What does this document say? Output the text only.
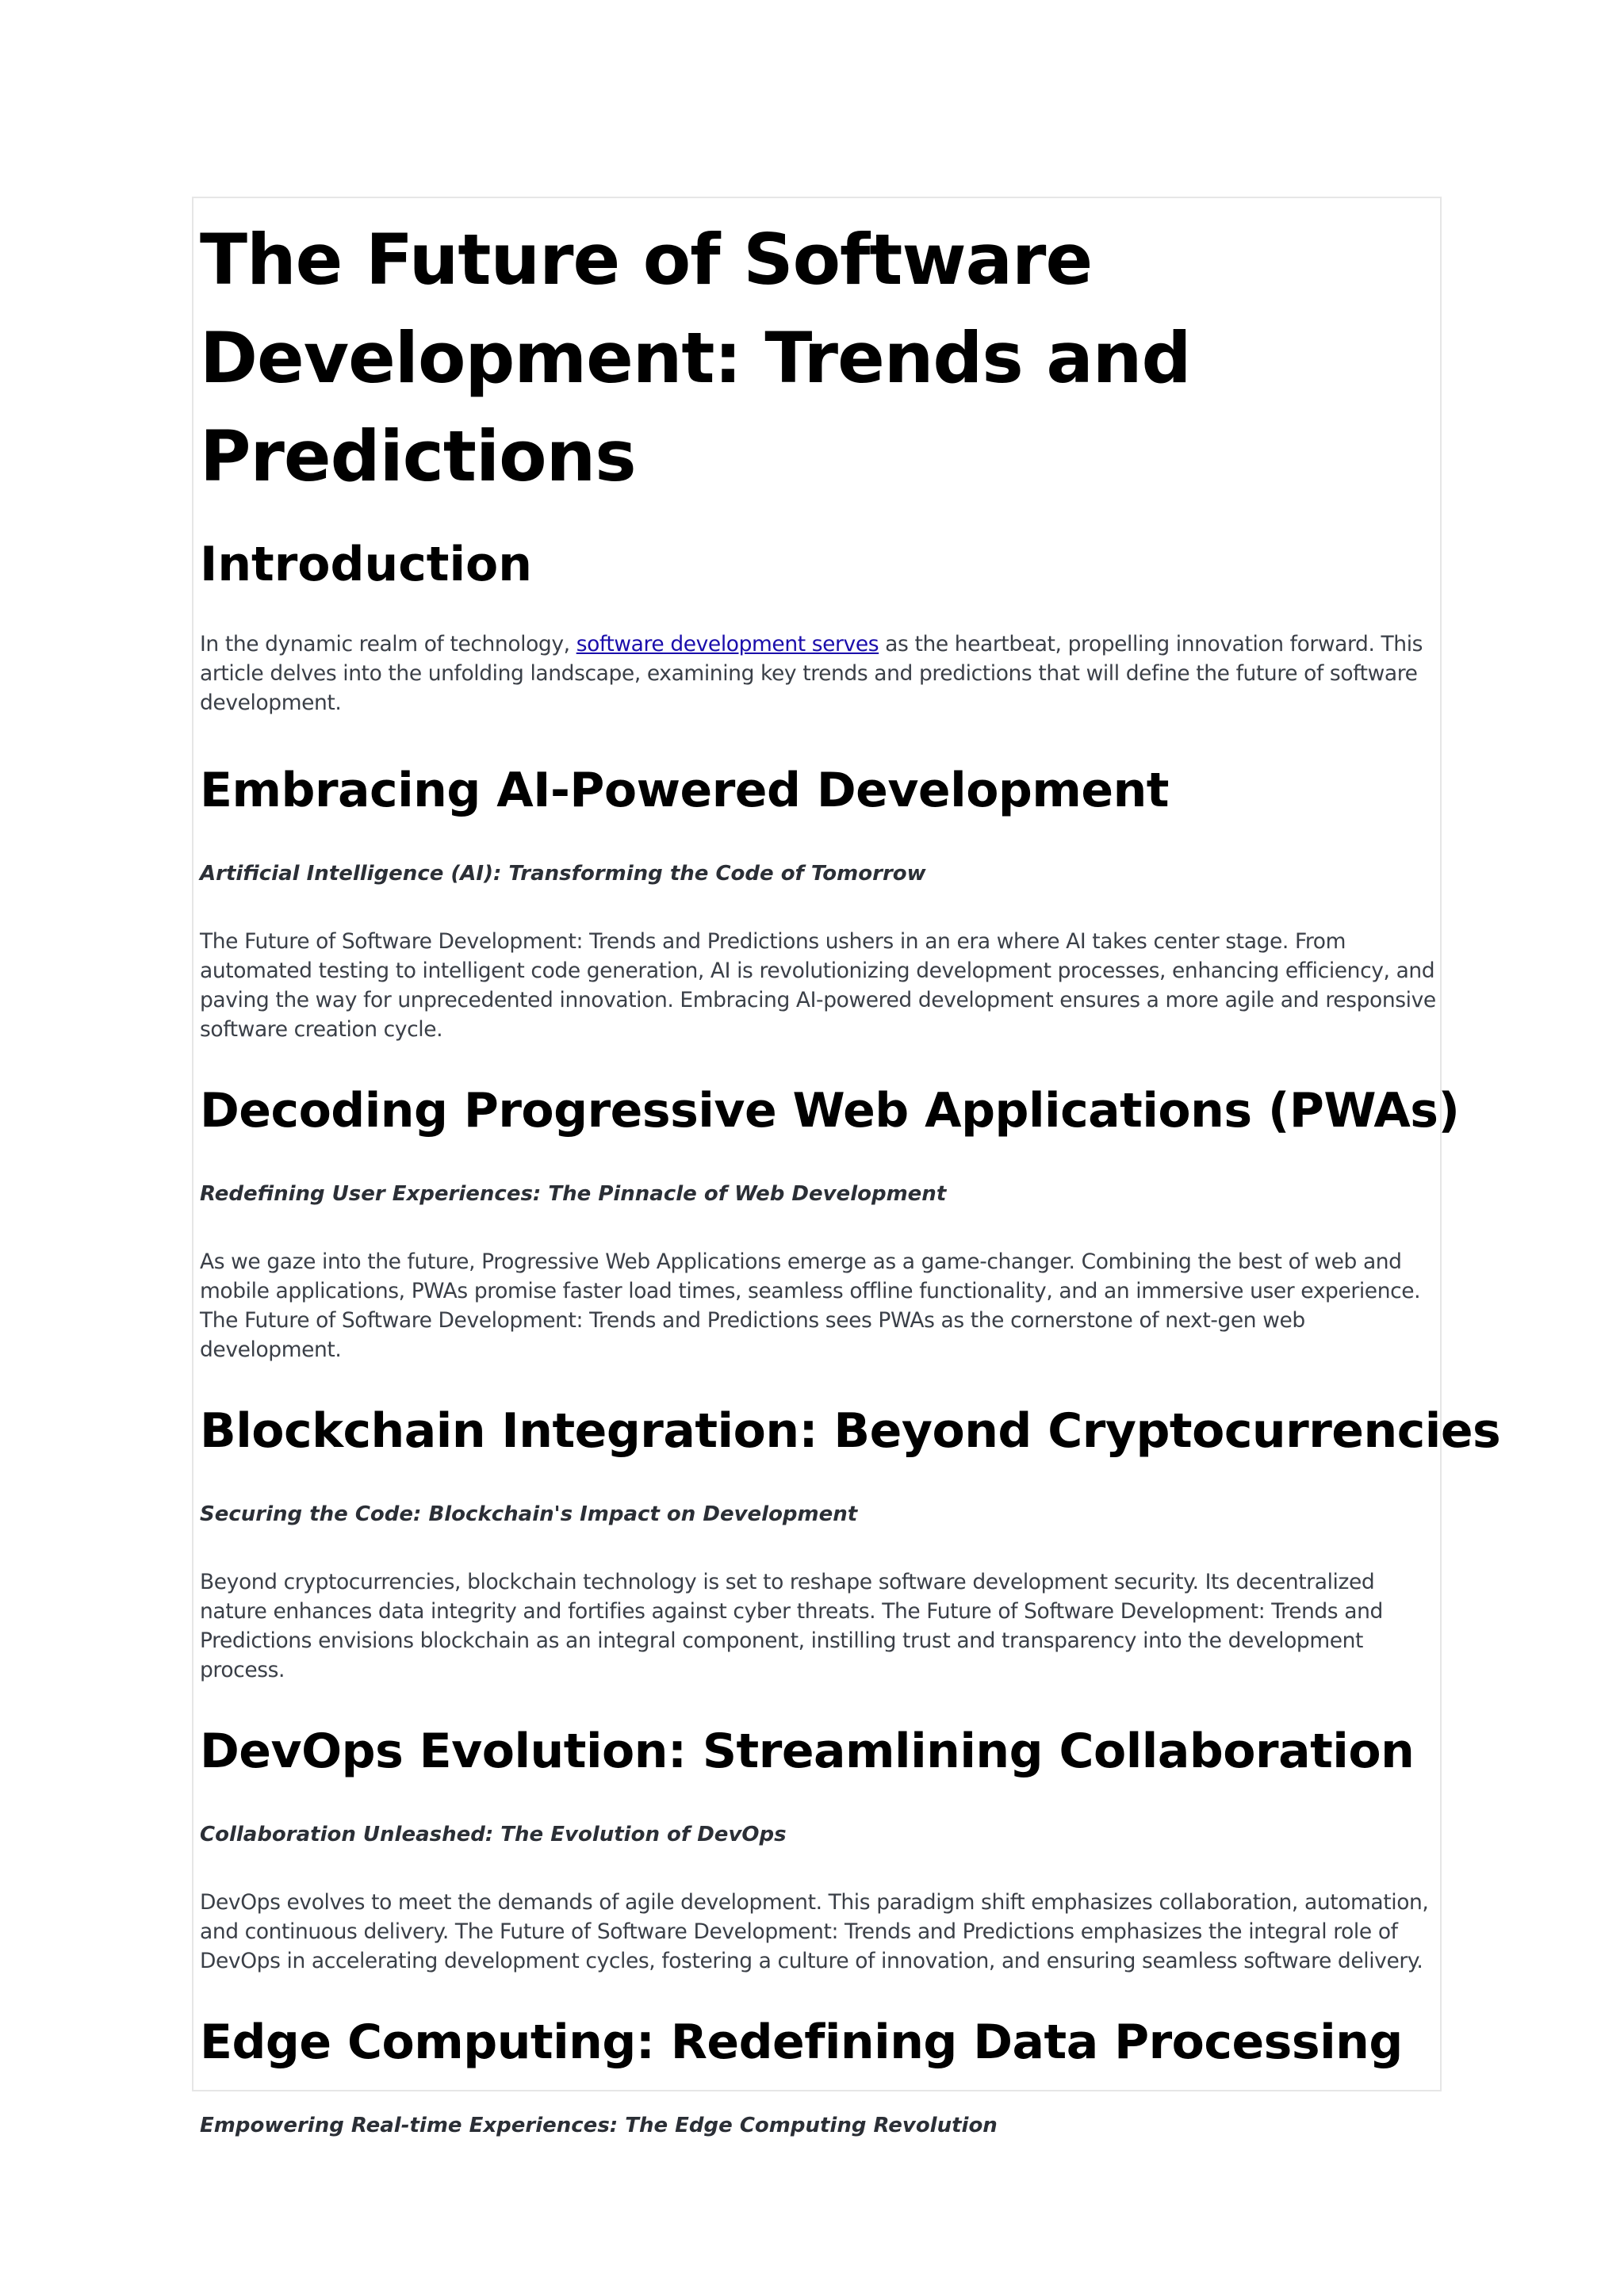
The Future of Software Development: Trends and Predictions
Introduction

In the dynamic realm of technology, software development serves as the heartbeat, propelling innovation forward. This article delves into the unfolding landscape, examining key trends and predictions that will define the future of software development.

Embracing AI-Powered Development

Artificial Intelligence (AI): Transforming the Code of Tomorrow

The Future of Software Development: Trends and Predictions ushers in an era where AI takes center stage. From automated testing to intelligent code generation, AI is revolutionizing development processes, enhancing efficiency, and paving the way for unprecedented innovation. Embracing AI-powered development ensures a more agile and responsive software creation cycle.

Decoding Progressive Web Applications (PWAs)

Redefining User Experiences: The Pinnacle of Web Development

As we gaze into the future, Progressive Web Applications emerge as a game-changer. Combining the best of web and mobile applications, PWAs promise faster load times, seamless offline functionality, and an immersive user experience. The Future of Software Development: Trends and Predictions sees PWAs as the cornerstone of next-gen web development.

Blockchain Integration: Beyond Cryptocurrencies

Securing the Code: Blockchain's Impact on Development

Beyond cryptocurrencies, blockchain technology is set to reshape software development security. Its decentralized nature enhances data integrity and fortifies against cyber threats. The Future of Software Development: Trends and Predictions envisions blockchain as an integral component, instilling trust and transparency into the development process.

DevOps Evolution: Streamlining Collaboration

Collaboration Unleashed: The Evolution of DevOps

DevOps evolves to meet the demands of agile development. This paradigm shift emphasizes collaboration, automation, and continuous delivery. The Future of Software Development: Trends and Predictions emphasizes the integral role of DevOps in accelerating development cycles, fostering a culture of innovation, and ensuring seamless software delivery.

Edge Computing: Redefining Data Processing

Empowering Real-time Experiences: The Edge Computing Revolution
